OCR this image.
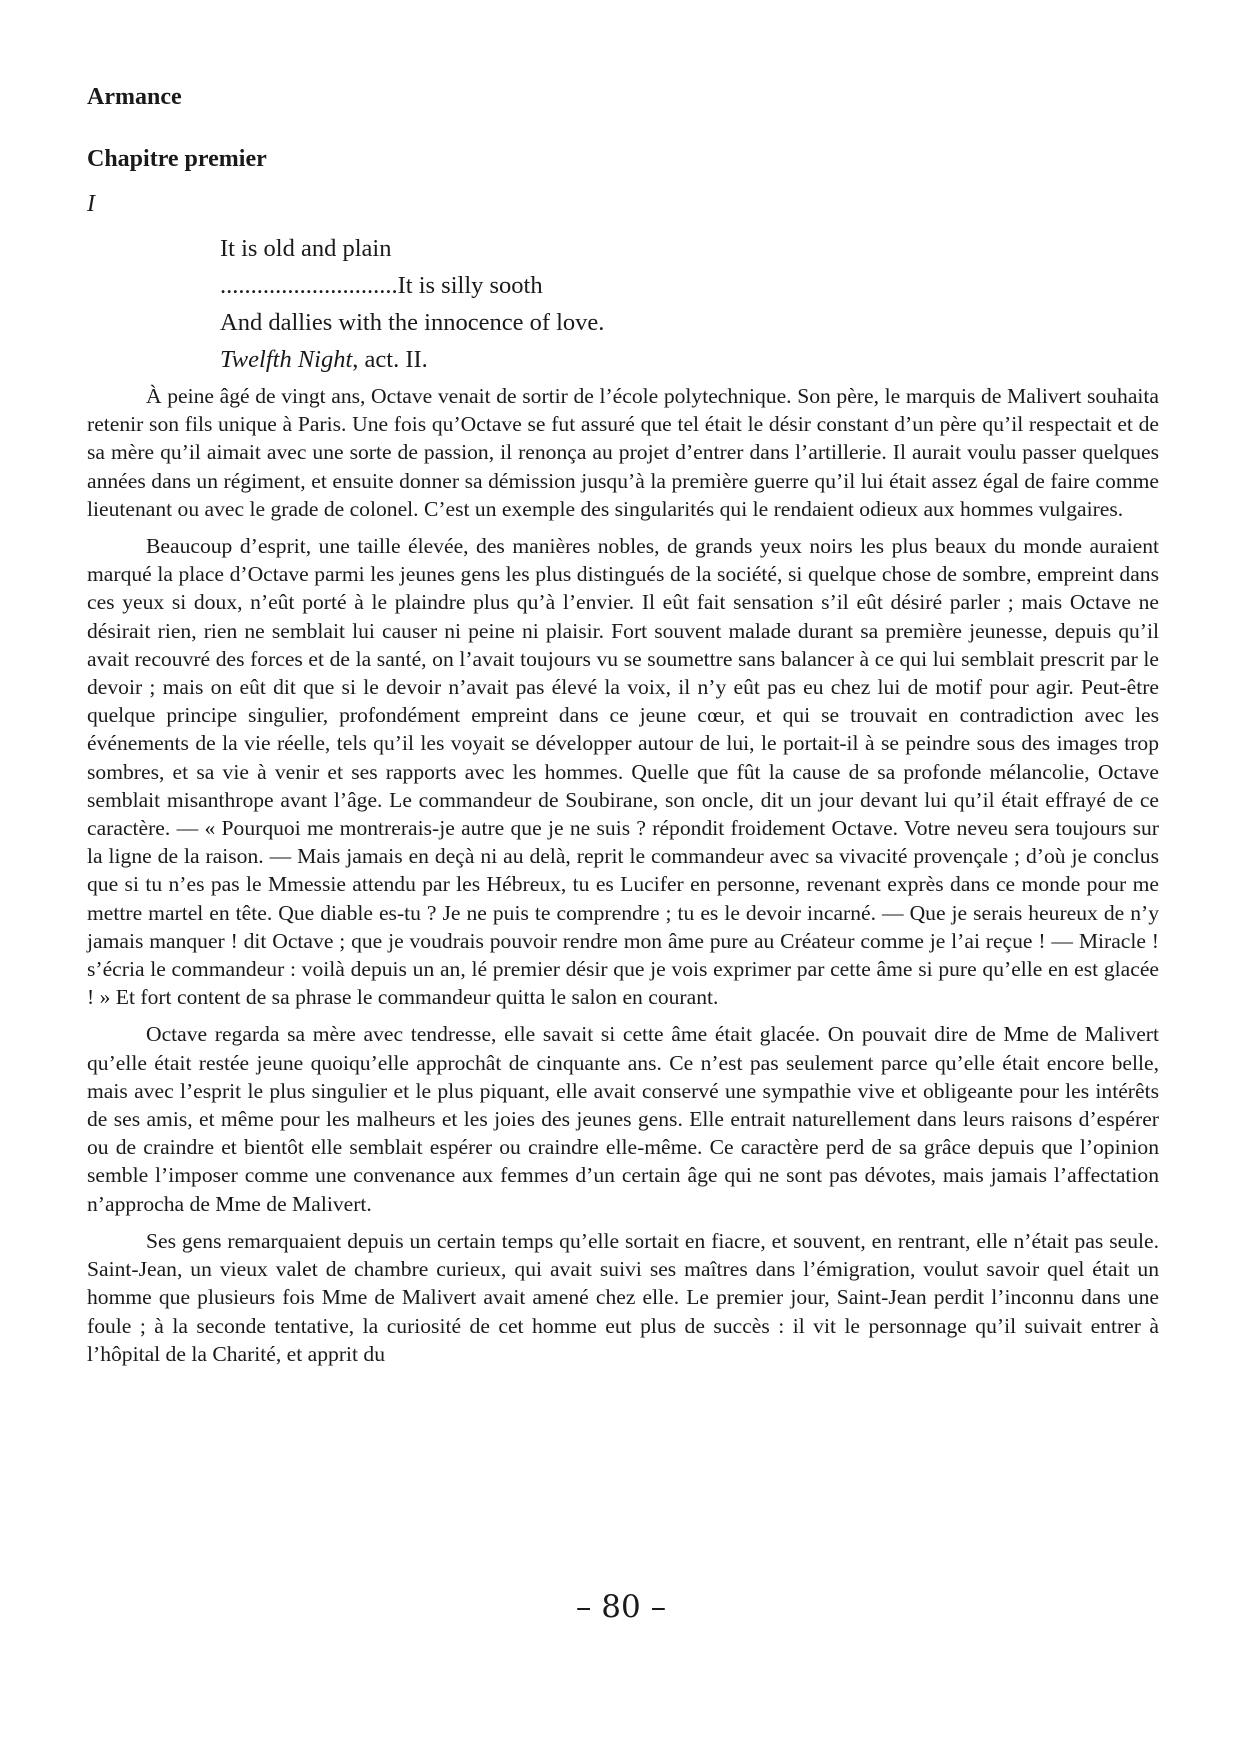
Armance
Chapitre premier
I
It is old and plain
.............................It is silly sooth
And dallies with the innocence of love.
Twelfth Night, act. II.

À peine âgé de vingt ans, Octave venait de sortir de l’école polytechnique. Son père, le marquis de Malivert souhaita retenir son fils unique à Paris. Une fois qu’Octave se fut assuré que tel était le désir constant d’un père qu’il respectait et de sa mère qu’il aimait avec une sorte de passion, il renonça au projet d’entrer dans l’artillerie. Il aurait voulu passer quelques années dans un régiment, et ensuite donner sa démission jusqu’à la première guerre qu’il lui était assez égal de faire comme lieutenant ou avec le grade de colonel. C’est un exemple des singularités qui le rendaient odieux aux hommes vulgaires.

Beaucoup d’esprit, une taille élevée, des manières nobles, de grands yeux noirs les plus beaux du monde auraient marqué la place d’Octave parmi les jeunes gens les plus distingués de la société, si quelque chose de sombre, empreint dans ces yeux si doux, n’eût porté à le plaindre plus qu’à l’envier. Il eût fait sensation s’il eût désiré parler ; mais Octave ne désirait rien, rien ne semblait lui causer ni peine ni plaisir. Fort souvent malade durant sa première jeunesse, depuis qu’il avait recouvré des forces et de la santé, on l’avait toujours vu se soumettre sans balancer à ce qui lui semblait prescrit par le devoir ; mais on eût dit que si le devoir n’avait pas élevé la voix, il n’y eût pas eu chez lui de motif pour agir. Peut-être quelque principe singulier, profondément empreint dans ce jeune cœur, et qui se trouvait en contradiction avec les événements de la vie réelle, tels qu’il les voyait se développer autour de lui, le portait-il à se peindre sous des images trop sombres, et sa vie à venir et ses rapports avec les hommes. Quelle que fût la cause de sa profonde mélancolie, Octave semblait misanthrope avant l’âge. Le commandeur de Soubirane, son oncle, dit un jour devant lui qu’il était effrayé de ce caractère. — « Pourquoi me montrerais-je autre que je ne suis ? répondit froidement Octave. Votre neveu sera toujours sur la ligne de la raison. — Mais jamais en deçà ni au delà, reprit le commandeur avec sa vivacité provençale ; d’où je conclus que si tu n’es pas le Mmessie attendu par les Hébreux, tu es Lucifer en personne, revenant exprès dans ce monde pour me mettre martel en tête. Que diable es-tu ? Je ne puis te comprendre ; tu es le devoir incarné. — Que je serais heureux de n’y jamais manquer ! dit Octave ; que je voudrais pouvoir rendre mon âme pure au Créateur comme je l’ai reçue ! — Miracle ! s’écria le commandeur : voilà depuis un an, lé premier désir que je vois exprimer par cette âme si pure qu’elle en est glacée ! » Et fort content de sa phrase le commandeur quitta le salon en courant.

Octave regarda sa mère avec tendresse, elle savait si cette âme était glacée. On pouvait dire de Mme de Malivert qu’elle était restée jeune quoiqu’elle approchât de cinquante ans. Ce n’est pas seulement parce qu’elle était encore belle, mais avec l’esprit le plus singulier et le plus piquant, elle avait conservé une sympathie vive et obligeante pour les intérêts de ses amis, et même pour les malheurs et les joies des jeunes gens. Elle entrait naturellement dans leurs raisons d’espérer ou de craindre et bientôt elle semblait espérer ou craindre elle-même. Ce caractère perd de sa grâce depuis que l’opinion semble l’imposer comme une convenance aux femmes d’un certain âge qui ne sont pas dévotes, mais jamais l’affectation n’approcha de Mme de Malivert.

Ses gens remarquaient depuis un certain temps qu’elle sortait en fiacre, et souvent, en rentrant, elle n’était pas seule. Saint-Jean, un vieux valet de chambre curieux, qui avait suivi ses maîtres dans l’émigration, voulut savoir quel était un homme que plusieurs fois Mme de Malivert avait amené chez elle. Le premier jour, Saint-Jean perdit l’inconnu dans une foule ; à la seconde tentative, la curiosité de cet homme eut plus de succès : il vit le personnage qu’il suivait entrer à l’hôpital de la Charité, et apprit du

– 80 –
